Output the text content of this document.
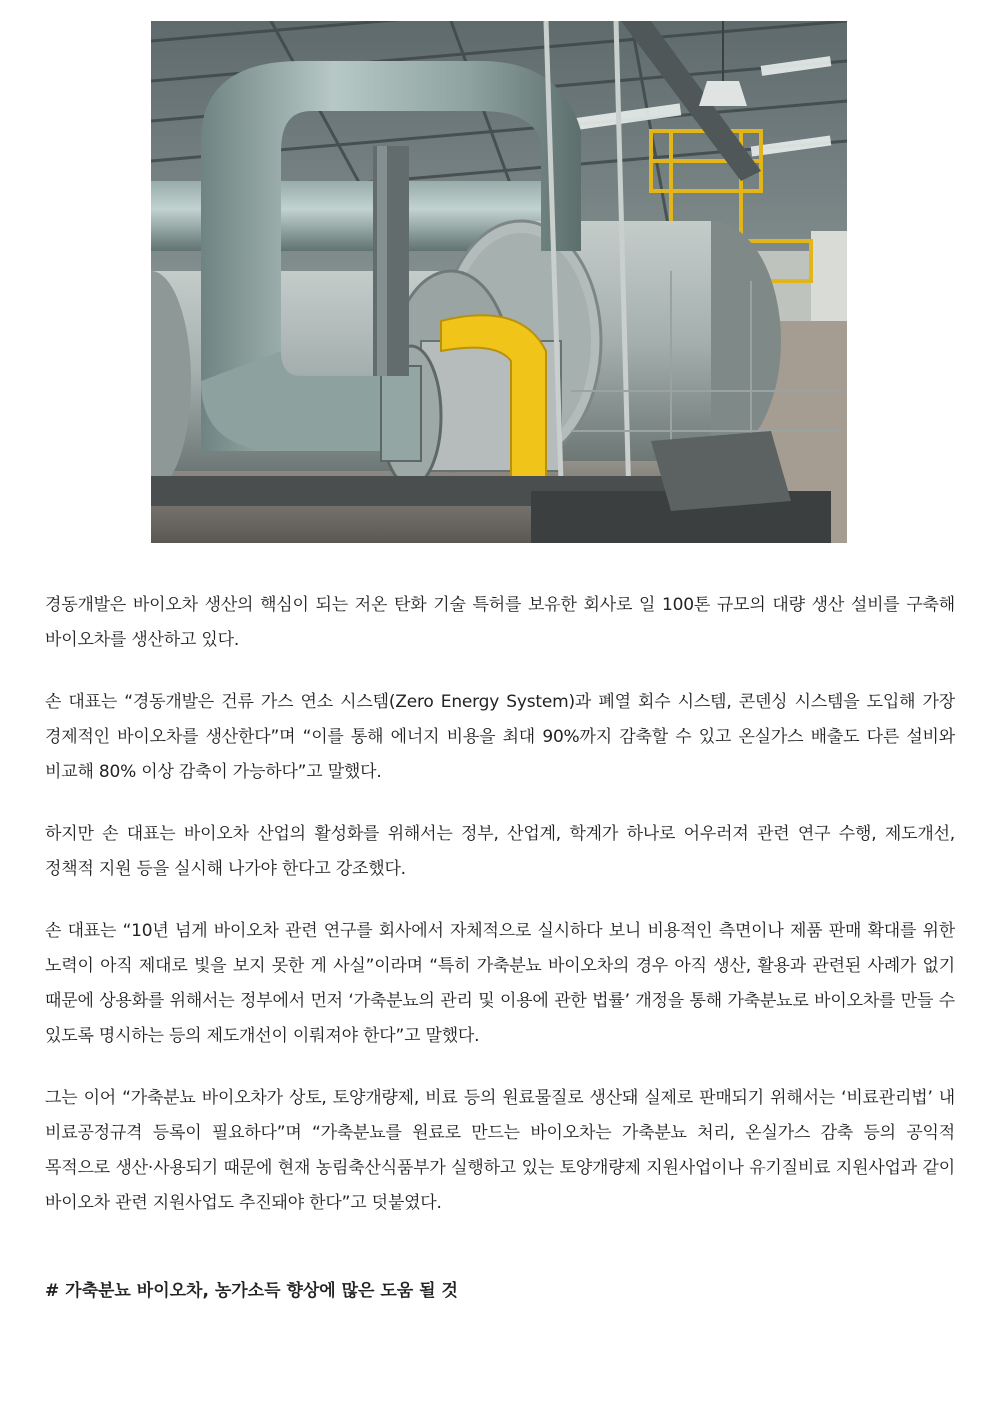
경동개발은 바이오차 생산의 핵심이 되는 저온 탄화 기술 특허를 보유한 회사로 일 100톤 규모의 대량 생산 설비를 구축해 바이오차를 생산하고 있다.

손 대표는 “경동개발은 건류 가스 연소 시스템(Zero Energy System)과 폐열 회수 시스템, 콘덴싱 시스템을 도입해 가장 경제적인 바이오차를 생산한다”며 “이를 통해 에너지 비용을 최대 90%까지 감축할 수 있고 온실가스 배출도 다른 설비와 비교해 80% 이상 감축이 가능하다”고 말했다.

하지만 손 대표는 바이오차 산업의 활성화를 위해서는 정부, 산업계, 학계가 하나로 어우러져 관련 연구 수행, 제도개선, 정책적 지원 등을 실시해 나가야 한다고 강조했다.

손 대표는 “10년 넘게 바이오차 관련 연구를 회사에서 자체적으로 실시하다 보니 비용적인 측면이나 제품 판매 확대를 위한 노력이 아직 제대로 빛을 보지 못한 게 사실”이라며 “특히 가축분뇨 바이오차의 경우 아직 생산, 활용과 관련된 사례가 없기 때문에 상용화를 위해서는 정부에서 먼저 ‘가축분뇨의 관리 및 이용에 관한 법률’ 개정을 통해 가축분뇨로 바이오차를 만들 수 있도록 명시하는 등의 제도개선이 이뤄져야 한다”고 말했다.

그는 이어 “가축분뇨 바이오차가 상토, 토양개량제, 비료 등의 원료물질로 생산돼 실제로 판매되기 위해서는 ‘비료관리법’ 내 비료공정규격 등록이 필요하다”며 “가축분뇨를 원료로 만드는 바이오차는 가축분뇨 처리, 온실가스 감축 등의 공익적 목적으로 생산·사용되기 때문에 현재 농림축산식품부가 실행하고 있는 토양개량제 지원사업이나 유기질비료 지원사업과 같이 바이오차 관련 지원사업도 추진돼야 한다”고 덧붙였다.

# 가축분뇨 바이오차, 농가소득 향상에 많은 도움 될 것
